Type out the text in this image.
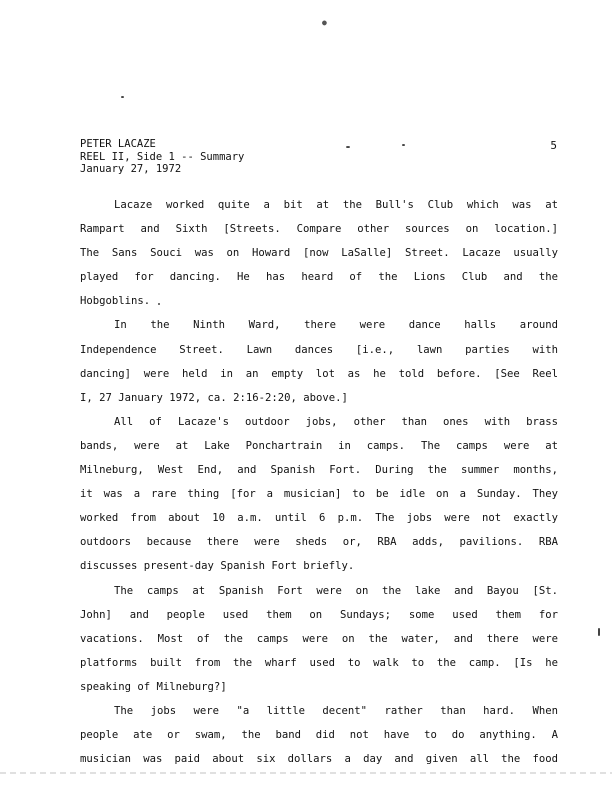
●
PETER LACAZE
REEL II, Side 1 -- Summary
January 27, 1972
5
Lacaze worked quite a bit at the Bull's Club which was at
Rampart and Sixth [Streets. Compare other sources on location.]
The Sans Souci was on Howard [now LaSalle] Street. Lacaze usually
played for dancing. He has heard of the Lions Club and the
Hobgoblins.
In the Ninth Ward, there were dance halls around
Independence Street. Lawn dances [i.e., lawn parties with
dancing] were held in an empty lot as he told before. [See Reel
I, 27 January 1972, ca. 2:16-2:20, above.]
All of Lacaze's outdoor jobs, other than ones with brass
bands, were at Lake Ponchartrain in camps. The camps were at
Milneburg, West End, and Spanish Fort. During the summer months,
it was a rare thing [for a musician] to be idle on a Sunday. They
worked from about 10 a.m. until 6 p.m. The jobs were not exactly
outdoors because there were sheds or, RBA adds, pavilions. RBA
discusses present-day Spanish Fort briefly.
The camps at Spanish Fort were on the lake and Bayou [St.
John] and people used them on Sundays; some used them for
vacations. Most of the camps were on the water, and there were
platforms built from the wharf used to walk to the camp. [Is he
speaking of Milneburg?]
The jobs were "a little decent" rather than hard. When
people ate or swam, the band did not have to do anything. A
musician was paid about six dollars a day and given all the food
